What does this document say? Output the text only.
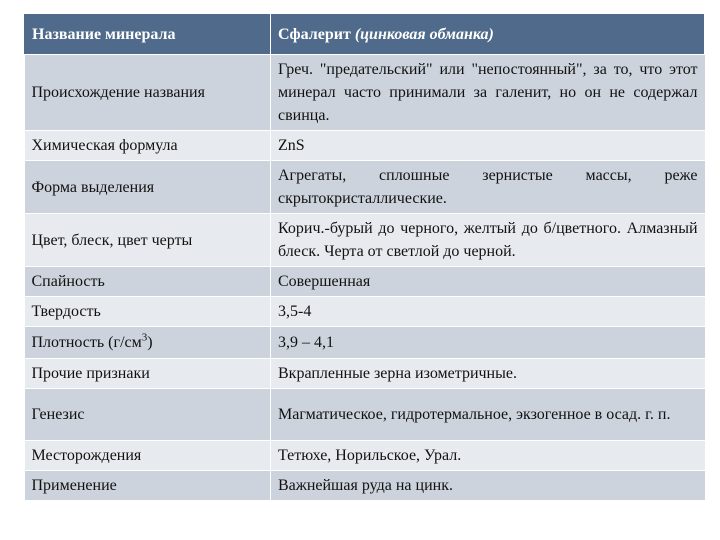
Название минерала	Сфалерит (цинковая обманка)
Происхождение названия	Греч. "предательский" или "непостоянный", за то, что этот минерал часто принимали за галенит, но он не содержал свинца.
Химическая формула	ZnS
Форма выделения	Агрегаты, сплошные зернистые массы, реже скрытокристаллические.
Цвет, блеск, цвет черты	Корич.-бурый до черного, желтый до б/цветного. Алмазный блеск. Черта от светлой до черной.
Спайность	Совершенная
Твердость	3,5-4
Плотность $(г/см^3)$	3,9 – 4,1
Прочие признаки	Вкрапленные зерна изометричные.
Генезис	Магматическое, гидротермальное, экзогенное в осад. г. п.
Месторождения	Тетюхе, Норильское, Урал.
Применение	Важнейшая руда на цинк.
